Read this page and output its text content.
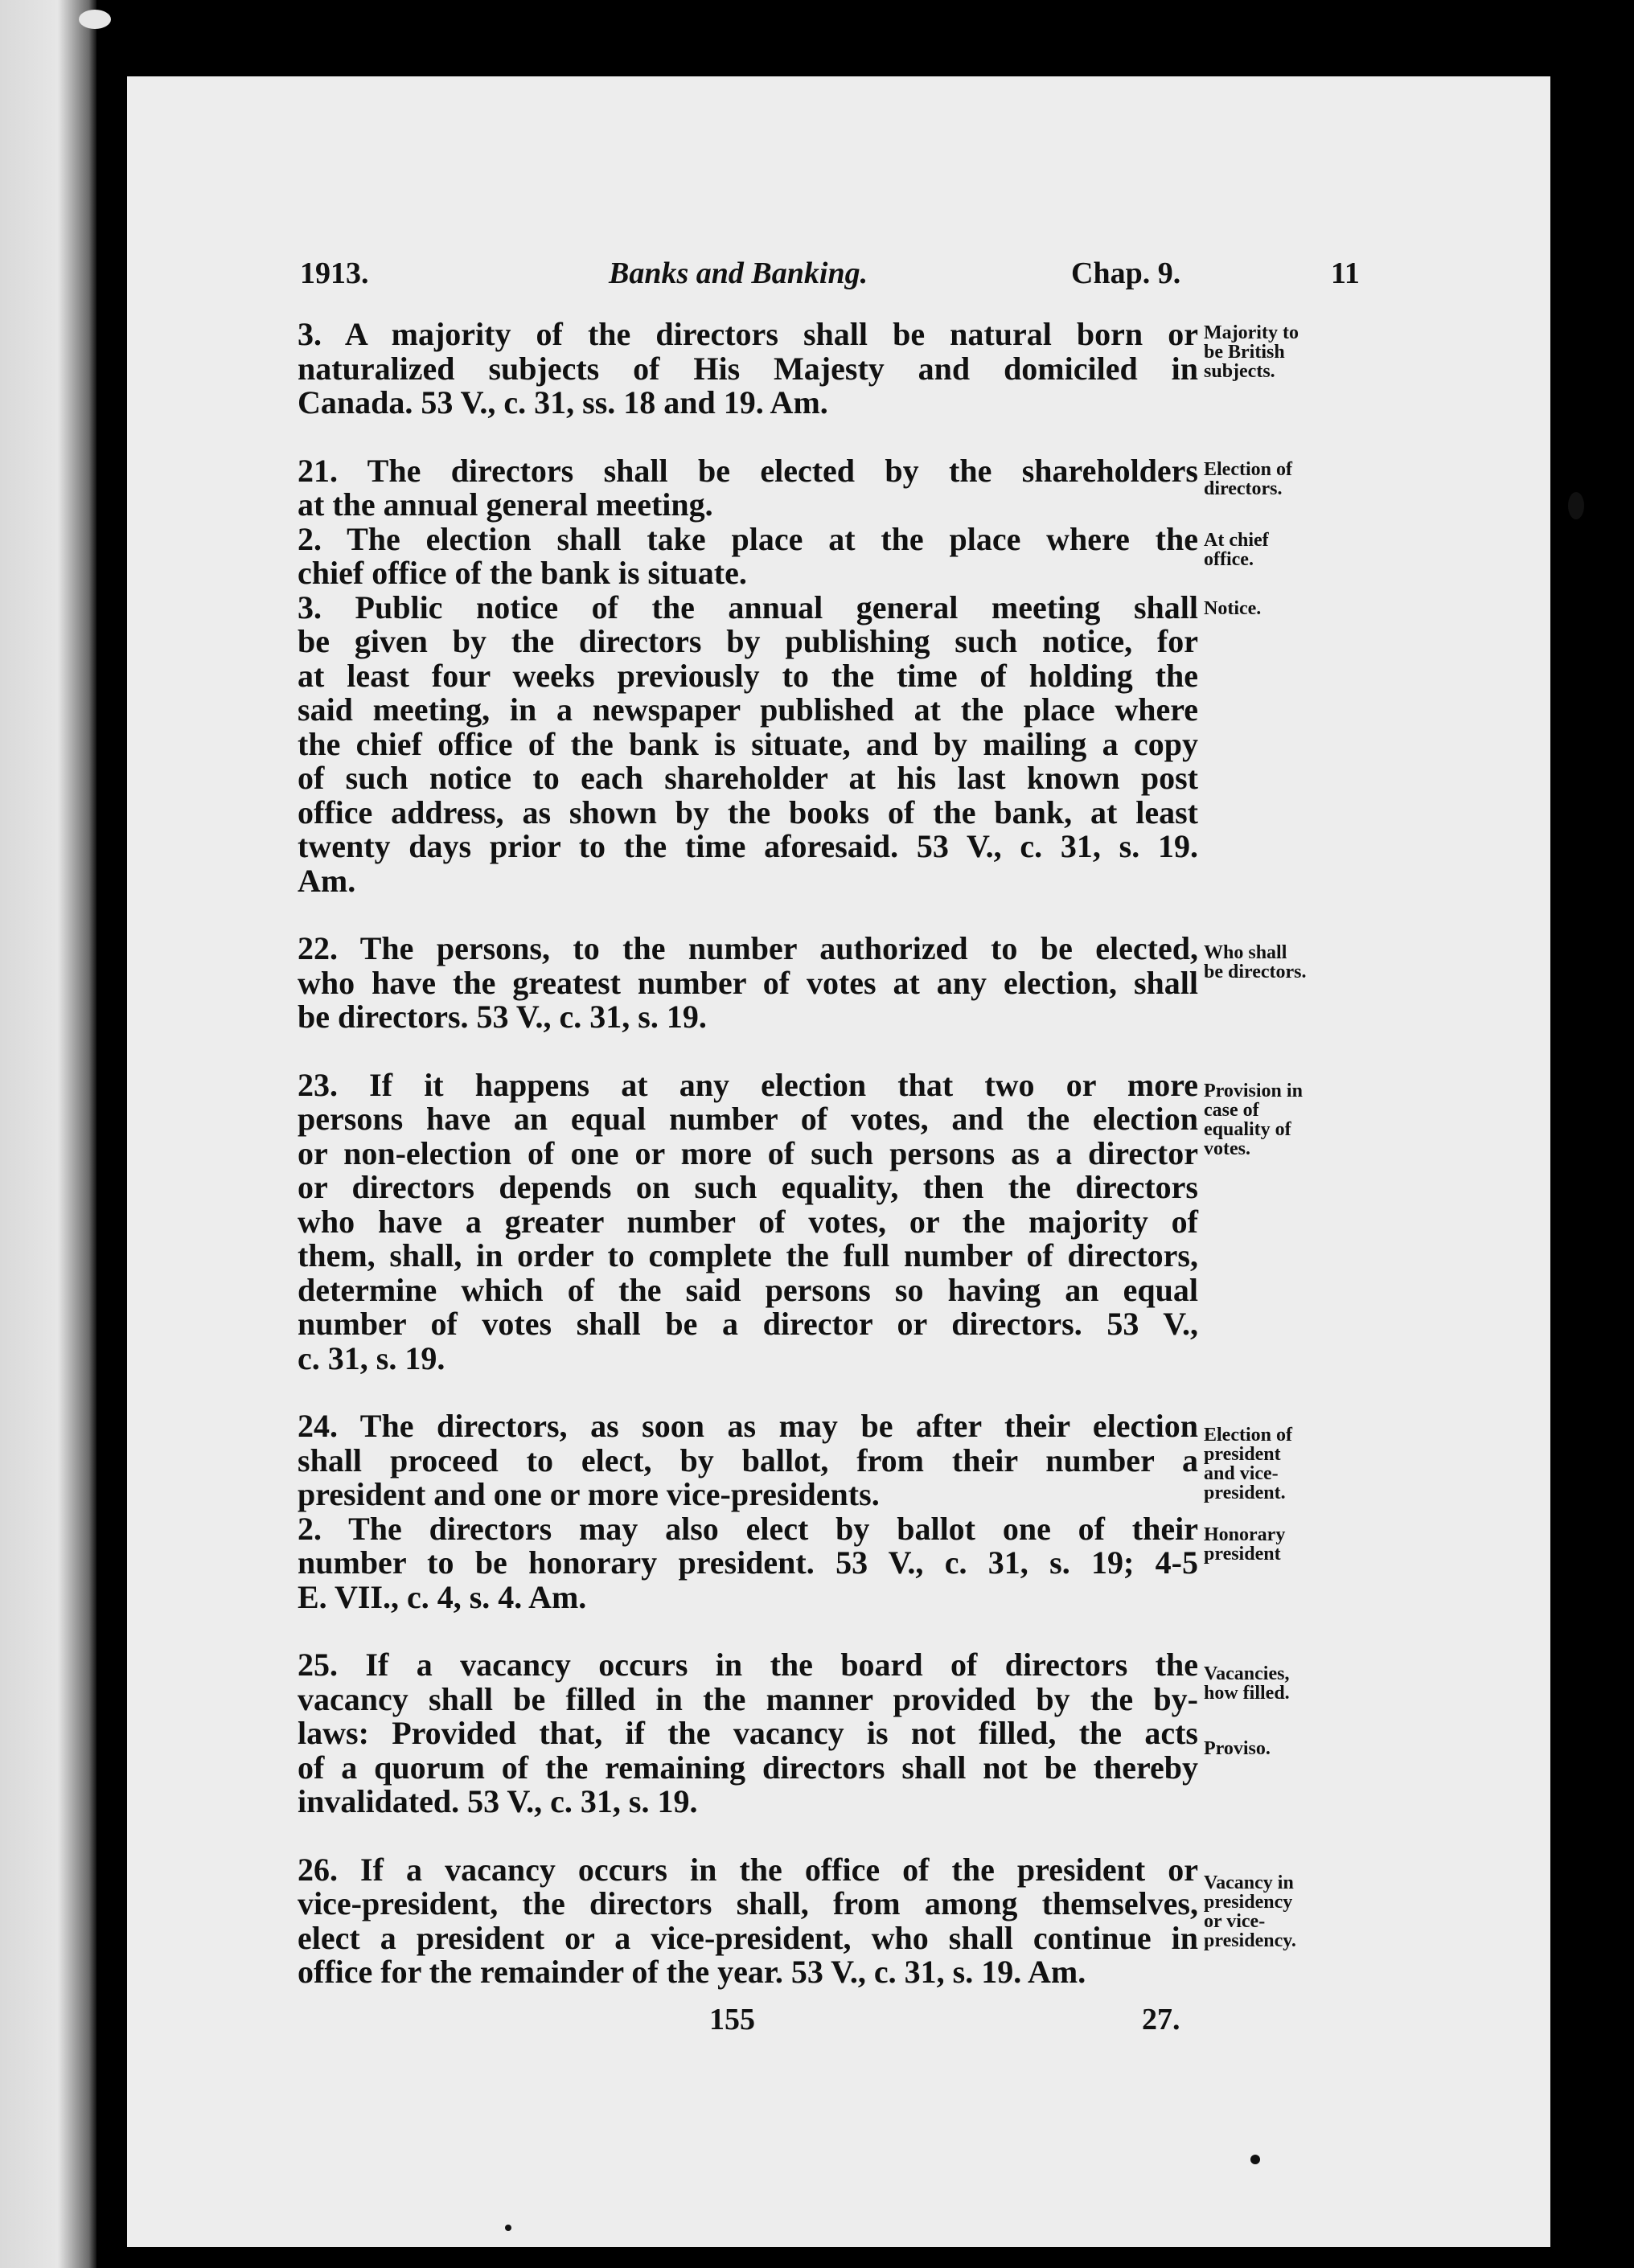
1913.	Banks and Banking.	Chap. 9.	11
3. A majority of the directors shall be natural born or
naturalized subjects of His Majesty and domiciled in
Canada. 53 V., c. 31, ss. 18 and 19. Am.
21. The directors shall be elected by the shareholders
at the annual general meeting.
2. The election shall take place at the place where the
chief office of the bank is situate.
3. Public notice of the annual general meeting shall
be given by the directors by publishing such notice, for
at least four weeks previously to the time of holding the
said meeting, in a newspaper published at the place where
the chief office of the bank is situate, and by mailing a copy
of such notice to each shareholder at his last known post
office address, as shown by the books of the bank, at least
twenty days prior to the time aforesaid. 53 V., c. 31, s. 19.
Am.
22. The persons, to the number authorized to be elected,
who have the greatest number of votes at any election, shall
be directors. 53 V., c. 31, s. 19.
23. If it happens at any election that two or more
persons have an equal number of votes, and the election
or non-election of one or more of such persons as a director
or directors depends on such equality, then the directors
who have a greater number of votes, or the majority of
them, shall, in order to complete the full number of directors,
determine which of the said persons so having an equal
number of votes shall be a director or directors. 53 V.,
c. 31, s. 19.
24. The directors, as soon as may be after their election
shall proceed to elect, by ballot, from their number a
president and one or more vice-presidents.
2. The directors may also elect by ballot one of their
number to be honorary president. 53 V., c. 31, s. 19; 4-5
E. VII., c. 4, s. 4. Am.
25. If a vacancy occurs in the board of directors the
vacancy shall be filled in the manner provided by the by-
laws: Provided that, if the vacancy is not filled, the acts
of a quorum of the remaining directors shall not be thereby
invalidated. 53 V., c. 31, s. 19.
26. If a vacancy occurs in the office of the president or
vice-president, the directors shall, from among themselves,
elect a president or a vice-president, who shall continue in
office for the remainder of the year. 53 V., c. 31, s. 19. Am.
Majority to
be British
subjects.
Election of
directors.
At chief
office.
Notice.
Who shall
be directors.
Provision in
case of
equality of
votes.
Election of
president
and vice-
president.
Honorary
president
Vacancies,
how filled.
Proviso.
Vacancy in
presidency
or vice-
presidency.
155	27.
